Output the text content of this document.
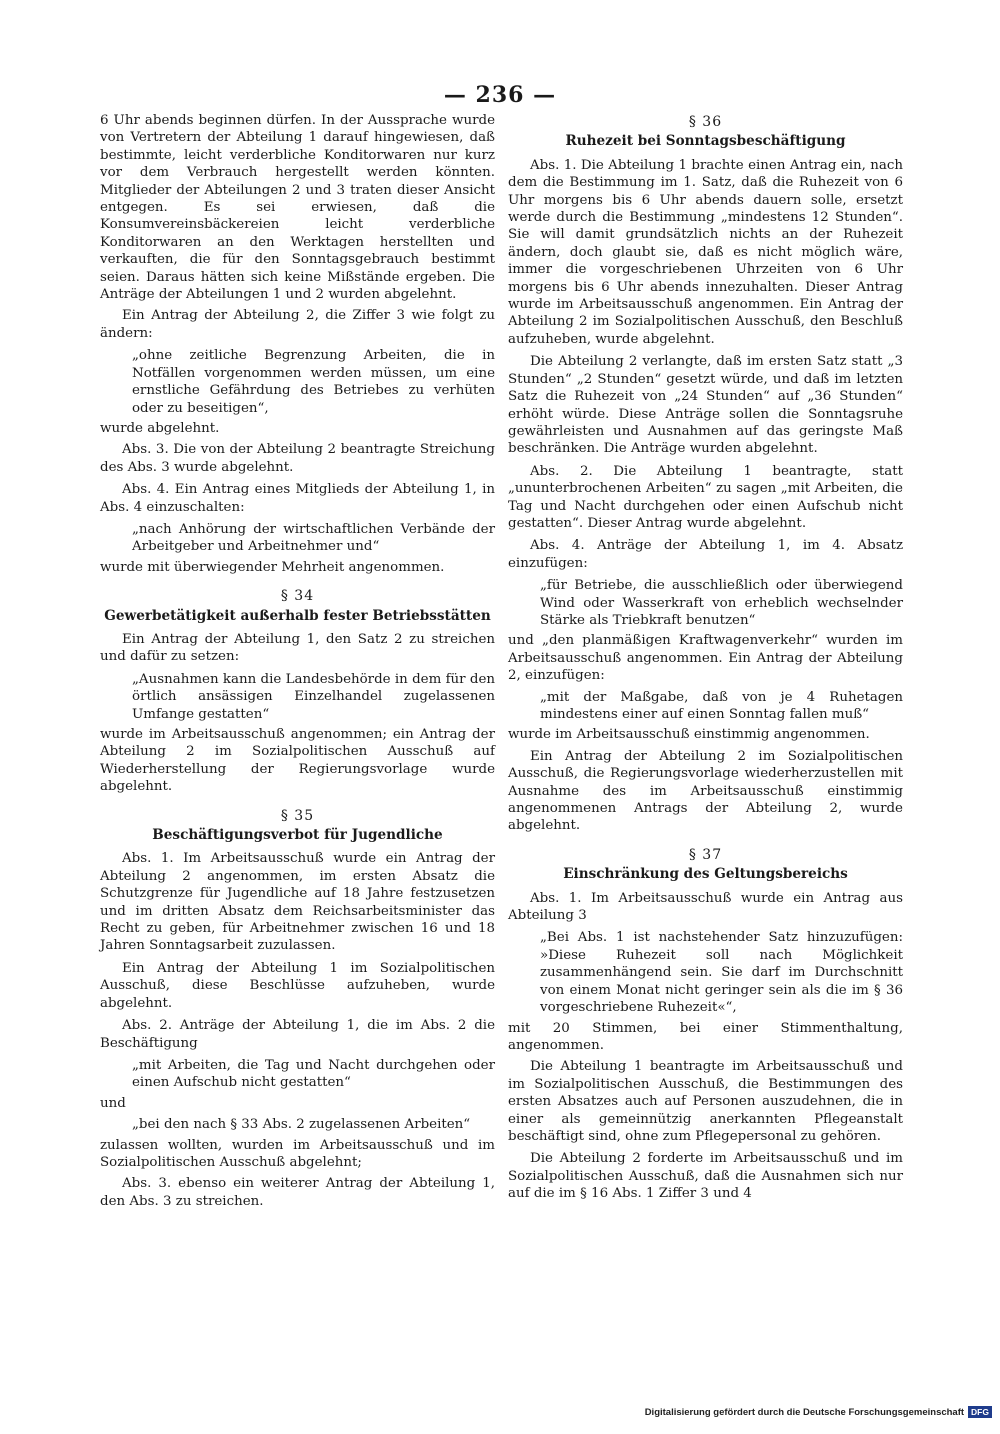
— 236 —

6 Uhr abends beginnen dürfen. In der Aussprache wurde von Vertretern der Abteilung 1 darauf hingewiesen, daß bestimmte, leicht verderbliche Konditorwaren nur kurz vor dem Verbrauch hergestellt werden könnten. Mitglieder der Abteilungen 2 und 3 traten dieser Ansicht entgegen. Es sei erwiesen, daß die Konsumvereinsbäckereien leicht verderbliche Konditorwaren an den Werktagen herstellten und verkauften, die für den Sonntagsgebrauch bestimmt seien. Daraus hätten sich keine Mißstände ergeben. Die Anträge der Abteilungen 1 und 2 wurden abgelehnt.

Ein Antrag der Abteilung 2, die Ziffer 3 wie folgt zu ändern:

„ohne zeitliche Begrenzung Arbeiten, die in Notfällen vorgenommen werden müssen, um eine ernstliche Gefährdung des Betriebes zu verhüten oder zu beseitigen“,

wurde abgelehnt.

Abs. 3. Die von der Abteilung 2 beantragte Streichung des Abs. 3 wurde abgelehnt.

Abs. 4. Ein Antrag eines Mitglieds der Abteilung 1, in Abs. 4 einzuschalten:

„nach Anhörung der wirtschaftlichen Verbände der Arbeitgeber und Arbeitnehmer und“

wurde mit überwiegender Mehrheit angenommen.

§ 34
Gewerbetätigkeit außerhalb fester Betriebsstätten

Ein Antrag der Abteilung 1, den Satz 2 zu streichen und dafür zu setzen:

„Ausnahmen kann die Landesbehörde in dem für den örtlich ansässigen Einzelhandel zugelassenen Umfange gestatten“

wurde im Arbeitsausschuß angenommen; ein Antrag der Abteilung 2 im Sozialpolitischen Ausschuß auf Wiederherstellung der Regierungsvorlage wurde abgelehnt.

§ 35
Beschäftigungsverbot für Jugendliche

Abs. 1. Im Arbeitsausschuß wurde ein Antrag der Abteilung 2 angenommen, im ersten Absatz die Schutzgrenze für Jugendliche auf 18 Jahre festzusetzen und im dritten Absatz dem Reichsarbeitsminister das Recht zu geben, für Arbeitnehmer zwischen 16 und 18 Jahren Sonntagsarbeit zuzulassen.

Ein Antrag der Abteilung 1 im Sozialpolitischen Ausschuß, diese Beschlüsse aufzuheben, wurde abgelehnt.

Abs. 2. Anträge der Abteilung 1, die im Abs. 2 die Beschäftigung

„mit Arbeiten, die Tag und Nacht durchgehen oder einen Aufschub nicht gestatten“

und

„bei den nach § 33 Abs. 2 zugelassenen Arbeiten“

zulassen wollten, wurden im Arbeitsausschuß und im Sozialpolitischen Ausschuß abgelehnt;

Abs. 3. ebenso ein weiterer Antrag der Abteilung 1, den Abs. 3 zu streichen.

§ 36
Ruhezeit bei Sonntagsbeschäftigung

Abs. 1. Die Abteilung 1 brachte einen Antrag ein, nach dem die Bestimmung im 1. Satz, daß die Ruhezeit von 6 Uhr morgens bis 6 Uhr abends dauern solle, ersetzt werde durch die Bestimmung „mindestens 12 Stunden“. Sie will damit grundsätzlich nichts an der Ruhezeit ändern, doch glaubt sie, daß es nicht möglich wäre, immer die vorgeschriebenen Uhrzeiten von 6 Uhr morgens bis 6 Uhr abends innezuhalten. Dieser Antrag wurde im Arbeitsausschuß angenommen. Ein Antrag der Abteilung 2 im Sozialpolitischen Ausschuß, den Beschluß aufzuheben, wurde abgelehnt.

Die Abteilung 2 verlangte, daß im ersten Satz statt „3 Stunden“ „2 Stunden“ gesetzt würde, und daß im letzten Satz die Ruhezeit von „24 Stunden“ auf „36 Stunden“ erhöht würde. Diese Anträge sollen die Sonntagsruhe gewährleisten und Ausnahmen auf das geringste Maß beschränken. Die Anträge wurden abgelehnt.

Abs. 2. Die Abteilung 1 beantragte, statt „ununterbrochenen Arbeiten“ zu sagen „mit Arbeiten, die Tag und Nacht durchgehen oder einen Aufschub nicht gestatten“. Dieser Antrag wurde abgelehnt.

Abs. 4. Anträge der Abteilung 1, im 4. Absatz einzufügen:

„für Betriebe, die ausschließlich oder überwiegend Wind oder Wasserkraft von erheblich wechselnder Stärke als Triebkraft benutzen“

und „den planmäßigen Kraftwagenverkehr“ wurden im Arbeitsausschuß angenommen. Ein Antrag der Abteilung 2, einzufügen:

„mit der Maßgabe, daß von je 4 Ruhetagen mindestens einer auf einen Sonntag fallen muß“

wurde im Arbeitsausschuß einstimmig angenommen.

Ein Antrag der Abteilung 2 im Sozialpolitischen Ausschuß, die Regierungsvorlage wiederherzustellen mit Ausnahme des im Arbeitsausschuß einstimmig angenommenen Antrags der Abteilung 2, wurde abgelehnt.

§ 37
Einschränkung des Geltungsbereichs

Abs. 1. Im Arbeitsausschuß wurde ein Antrag aus Abteilung 3

„Bei Abs. 1 ist nachstehender Satz hinzuzufügen: »Diese Ruhezeit soll nach Möglichkeit zusammenhängend sein. Sie darf im Durchschnitt von einem Monat nicht geringer sein als die im § 36 vorgeschriebene Ruhezeit«“,

mit 20 Stimmen, bei einer Stimmenthaltung, angenommen.

Die Abteilung 1 beantragte im Arbeitsausschuß und im Sozialpolitischen Ausschuß, die Bestimmungen des ersten Absatzes auch auf Personen auszudehnen, die in einer als gemeinnützig anerkannten Pflegeanstalt beschäftigt sind, ohne zum Pflegepersonal zu gehören.

Die Abteilung 2 forderte im Arbeitsausschuß und im Sozialpolitischen Ausschuß, daß die Ausnahmen sich nur auf die im § 16 Abs. 1 Ziffer 3 und 4

Digitalisierung gefördert durch die Deutsche Forschungsgemeinschaft DFG
